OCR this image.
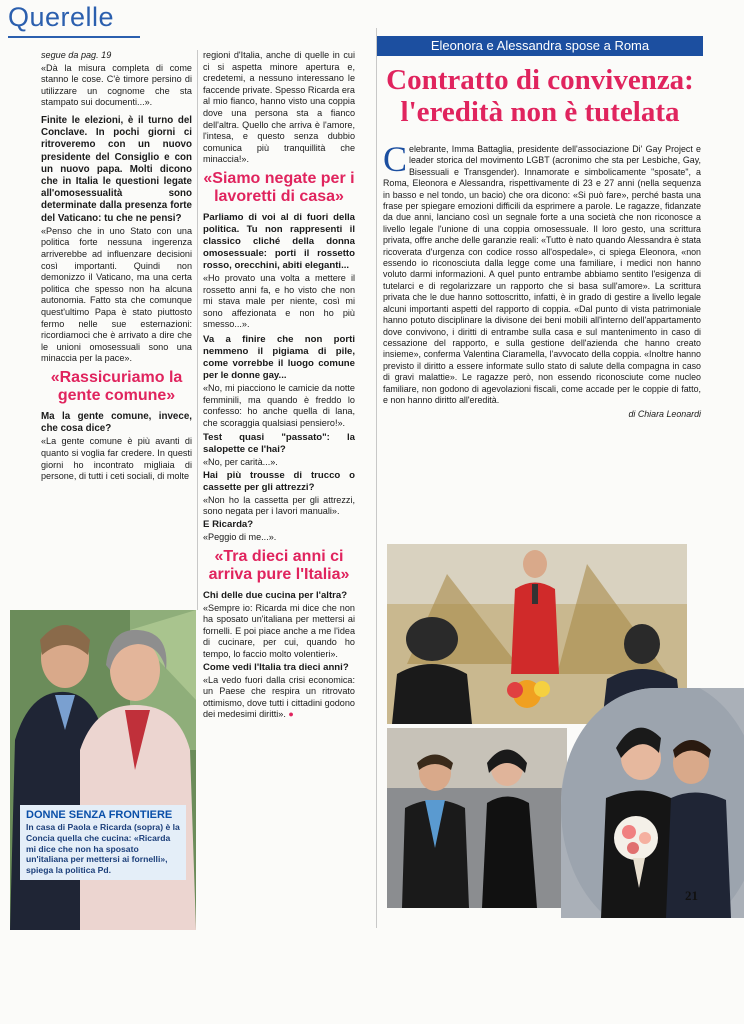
Querelle

segue da pag. 19

«Dà la misura completa di come stanno le cose. C'è timore persino di utilizzare un cognome che sta stampato sui documenti...».

Finite le elezioni, è il turno del Conclave. In pochi giorni ci ritroveremo con un nuovo presidente del Consiglio e con un nuovo papa. Molti dicono che in Italia le questioni legate all'omosessualità sono determinate dalla presenza forte del Vaticano: tu che ne pensi?

«Penso che in uno Stato con una politica forte nessuna ingerenza arriverebbe ad influenzare decisioni così importanti. Quindi non demonizzo il Vaticano, ma una certa politica che spesso non ha alcuna autonomia. Fatto sta che comunque quest'ultimo Papa è stato piuttosto fermo nelle sue esternazioni: ricordiamoci che è arrivato a dire che le unioni omosessuali sono una minaccia per la pace».

«Rassicuriamo la gente comune»

Ma la gente comune, invece, che cosa dice?

«La gente comune è più avanti di quanto si voglia far credere. In questi giorni ho incontrato migliaia di persone, di tutti i ceti sociali, di molte

regioni d'Italia, anche di quelle in cui ci si aspetta minore apertura e, credetemi, a nessuno interessano le faccende private. Spesso Ricarda era al mio fianco, hanno visto una coppia dove una persona sta a fianco dell'altra. Quello che arriva è l'amore, l'intesa, e questo senza dubbio comunica più tranquillità che minaccia!».

«Siamo negate per i lavoretti di casa»

Parliamo di voi al di fuori della politica. Tu non rappresenti il classico cliché della donna omosessuale: porti il rossetto rosso, orecchini, abiti eleganti...

«Ho provato una volta a mettere il rossetto anni fa, e ho visto che non mi stava male per niente, così mi sono affezionata e non ho più smesso...».

Va a finire che non porti nemmeno il pigiama di pile, come vorrebbe il luogo comune per le donne gay...

«No, mi piacciono le camicie da notte femminili, ma quando è freddo lo confesso: ho anche quella di lana, che scoraggia qualsiasi pensiero!».

Test quasi "passato": la salopette ce l'hai?

«No, per carità...».

Hai più trousse di trucco o cassette per gli attrezzi?

«Non ho la cassetta per gli attrezzi, sono negata per i lavori manuali».

E Ricarda?

«Peggio di me...».

«Tra dieci anni ci arriva pure l'Italia»

Chi delle due cucina per l'altra?

«Sempre io: Ricarda mi dice che non ha sposato un'italiana per mettersi ai fornelli. E poi piace anche a me l'idea di cucinare, per cui, quando ho tempo, lo faccio molto volentieri».

Come vedi l'Italia tra dieci anni?

«La vedo fuori dalla crisi economica: un Paese che respira un ritrovato ottimismo, dove tutti i cittadini godono dei medesimi diritti». ●

DONNE SENZA FRONTIERE
In casa di Paola e Ricarda (sopra) è la Concia quella che cucina: «Ricarda mi dice che non ha sposato un'italiana per mettersi ai fornelli», spiega la politica Pd.
Eleonora e Alessandra spose a Roma
Contratto di convivenza:
l'eredità non è tutelata
C elebrante, Imma Battaglia, presidente dell'associazione Di' Gay Project e leader storica del movimento LGBT (acronimo che sta per Lesbiche, Gay, Bisessuali e Transgender). Innamorate e simbolicamente "sposate", a Roma, Eleonora e Alessandra, rispettivamente di 23 e 27 anni (nella sequenza in basso e nel tondo, un bacio) che ora dicono: «Si può fare», perché basta una frase per spiegare emozioni difficili da esprimere a parole. Le ragazze, fidanzate da due anni, lanciano così un segnale forte a una società che non riconosce a livello legale l'unione di una coppia omosessuale. Il loro gesto, una scrittura privata, offre anche delle garanzie reali: «Tutto è nato quando Alessandra è stata ricoverata d'urgenza con codice rosso all'ospedale», ci spiega Eleonora, «non essendo io riconosciuta dalla legge come una familiare, i medici non hanno voluto darmi informazioni. A quel punto entrambe abbiamo sentito l'esigenza di tutelarci e di regolarizzare un rapporto che si basa sull'amore». La scrittura privata che le due hanno sottoscritto, infatti, è in grado di gestire a livello legale alcuni importanti aspetti del rapporto di coppia. «Dal punto di vista patrimoniale hanno potuto disciplinare la divisone dei beni mobili all'interno dell'appartamento dove convivono, i diritti di entrambe sulla casa e sul mantenimento in caso di cessazione del rapporto, e sulla gestione dell'azienda che hanno creato insieme», conferma Valentina Ciaramella, l'avvocato della coppia. «Inoltre hanno previsto il diritto a essere informate sullo stato di salute della compagna in caso di gravi malattie». Le ragazze però, non essendo riconosciute come nucleo familiare, non godono di agevolazioni fiscali, come accade per le coppie di fatto, e non hanno diritto all'eredità.
di Chiara Leonardi
21
